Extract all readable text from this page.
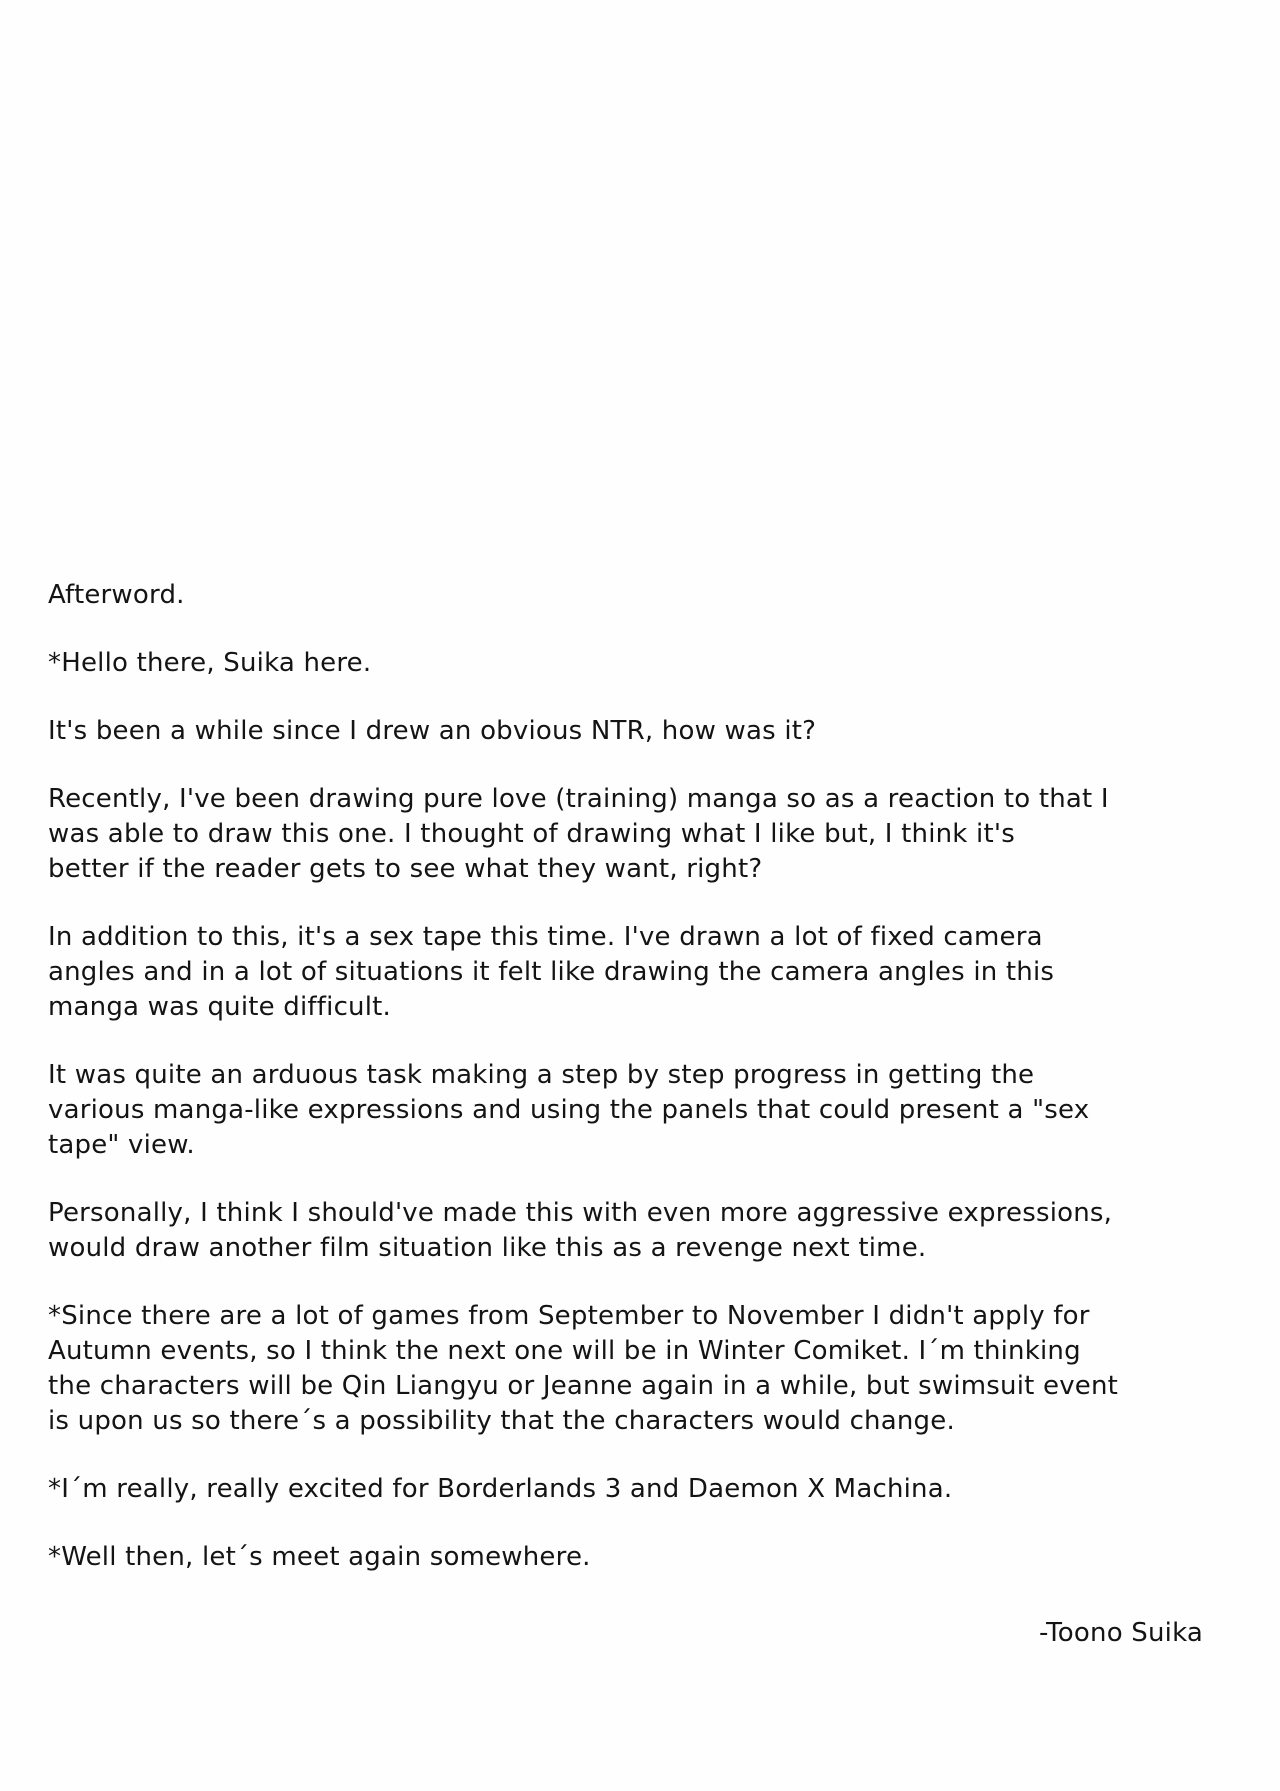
Afterword.
*Hello there, Suika here.
It's been a while since I drew an obvious NTR, how was it?
Recently, I've been drawing pure love (training) manga so as a reaction to that I
was able to draw this one. I thought of drawing what I like but, I think it's
better if the reader gets to see what they want, right?
In addition to this, it's a sex tape this time. I've drawn a lot of fixed camera
angles and in a lot of situations it felt like drawing the camera angles in this
manga was quite difficult.
It was quite an arduous task making a step by step progress in getting the
various manga-like expressions and using the panels that could present a "sex
tape" view.
Personally, I think I should've made this with even more aggressive expressions,
would draw another film situation like this as a revenge next time.
*Since there are a lot of games from September to November I didn't apply for
Autumn events, so I think the next one will be in Winter Comiket. I´m thinking
the characters will be Qin Liangyu or Jeanne again in a while, but swimsuit event
is upon us so there´s a possibility that the characters would change.
*I´m really, really excited for Borderlands 3 and Daemon X Machina.
*Well then, let´s meet again somewhere.
-Toono Suika
